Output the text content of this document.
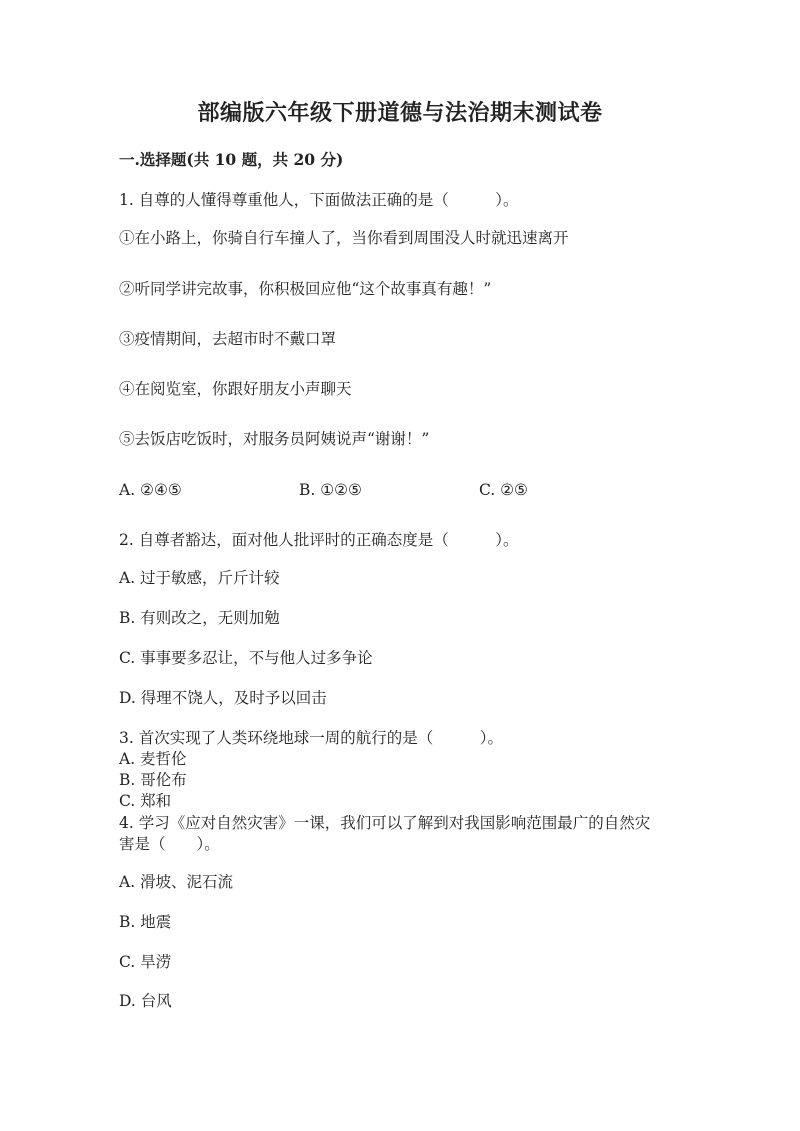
部编版六年级下册道德与法治期末测试卷
一.选择题(共 10 题，共 20 分)
1. 自尊的人懂得尊重他人，下面做法正确的是（　　　）。
①在小路上，你骑自行车撞人了，当你看到周围没人时就迅速离开
②听同学讲完故事，你积极回应他“这个故事真有趣！”
③疫情期间，去超市时不戴口罩
④在阅览室，你跟好朋友小声聊天
⑤去饭店吃饭时，对服务员阿姨说声“谢谢！”
A. ②④⑤	B. ①②⑤	C. ②⑤
2. 自尊者豁达，面对他人批评时的正确态度是（　　　）。
A. 过于敏感，斤斤计较
B. 有则改之，无则加勉
C. 事事要多忍让，不与他人过多争论
D. 得理不饶人，及时予以回击
3. 首次实现了人类环绕地球一周的航行的是（　　　）。
A. 麦哲伦
B. 哥伦布
C. 郑和
4. 学习《应对自然灾害》一课，我们可以了解到对我国影响范围最广的自然灾
害是（　　）。
A. 滑坡、泥石流
B. 地震
C. 旱涝
D. 台风
